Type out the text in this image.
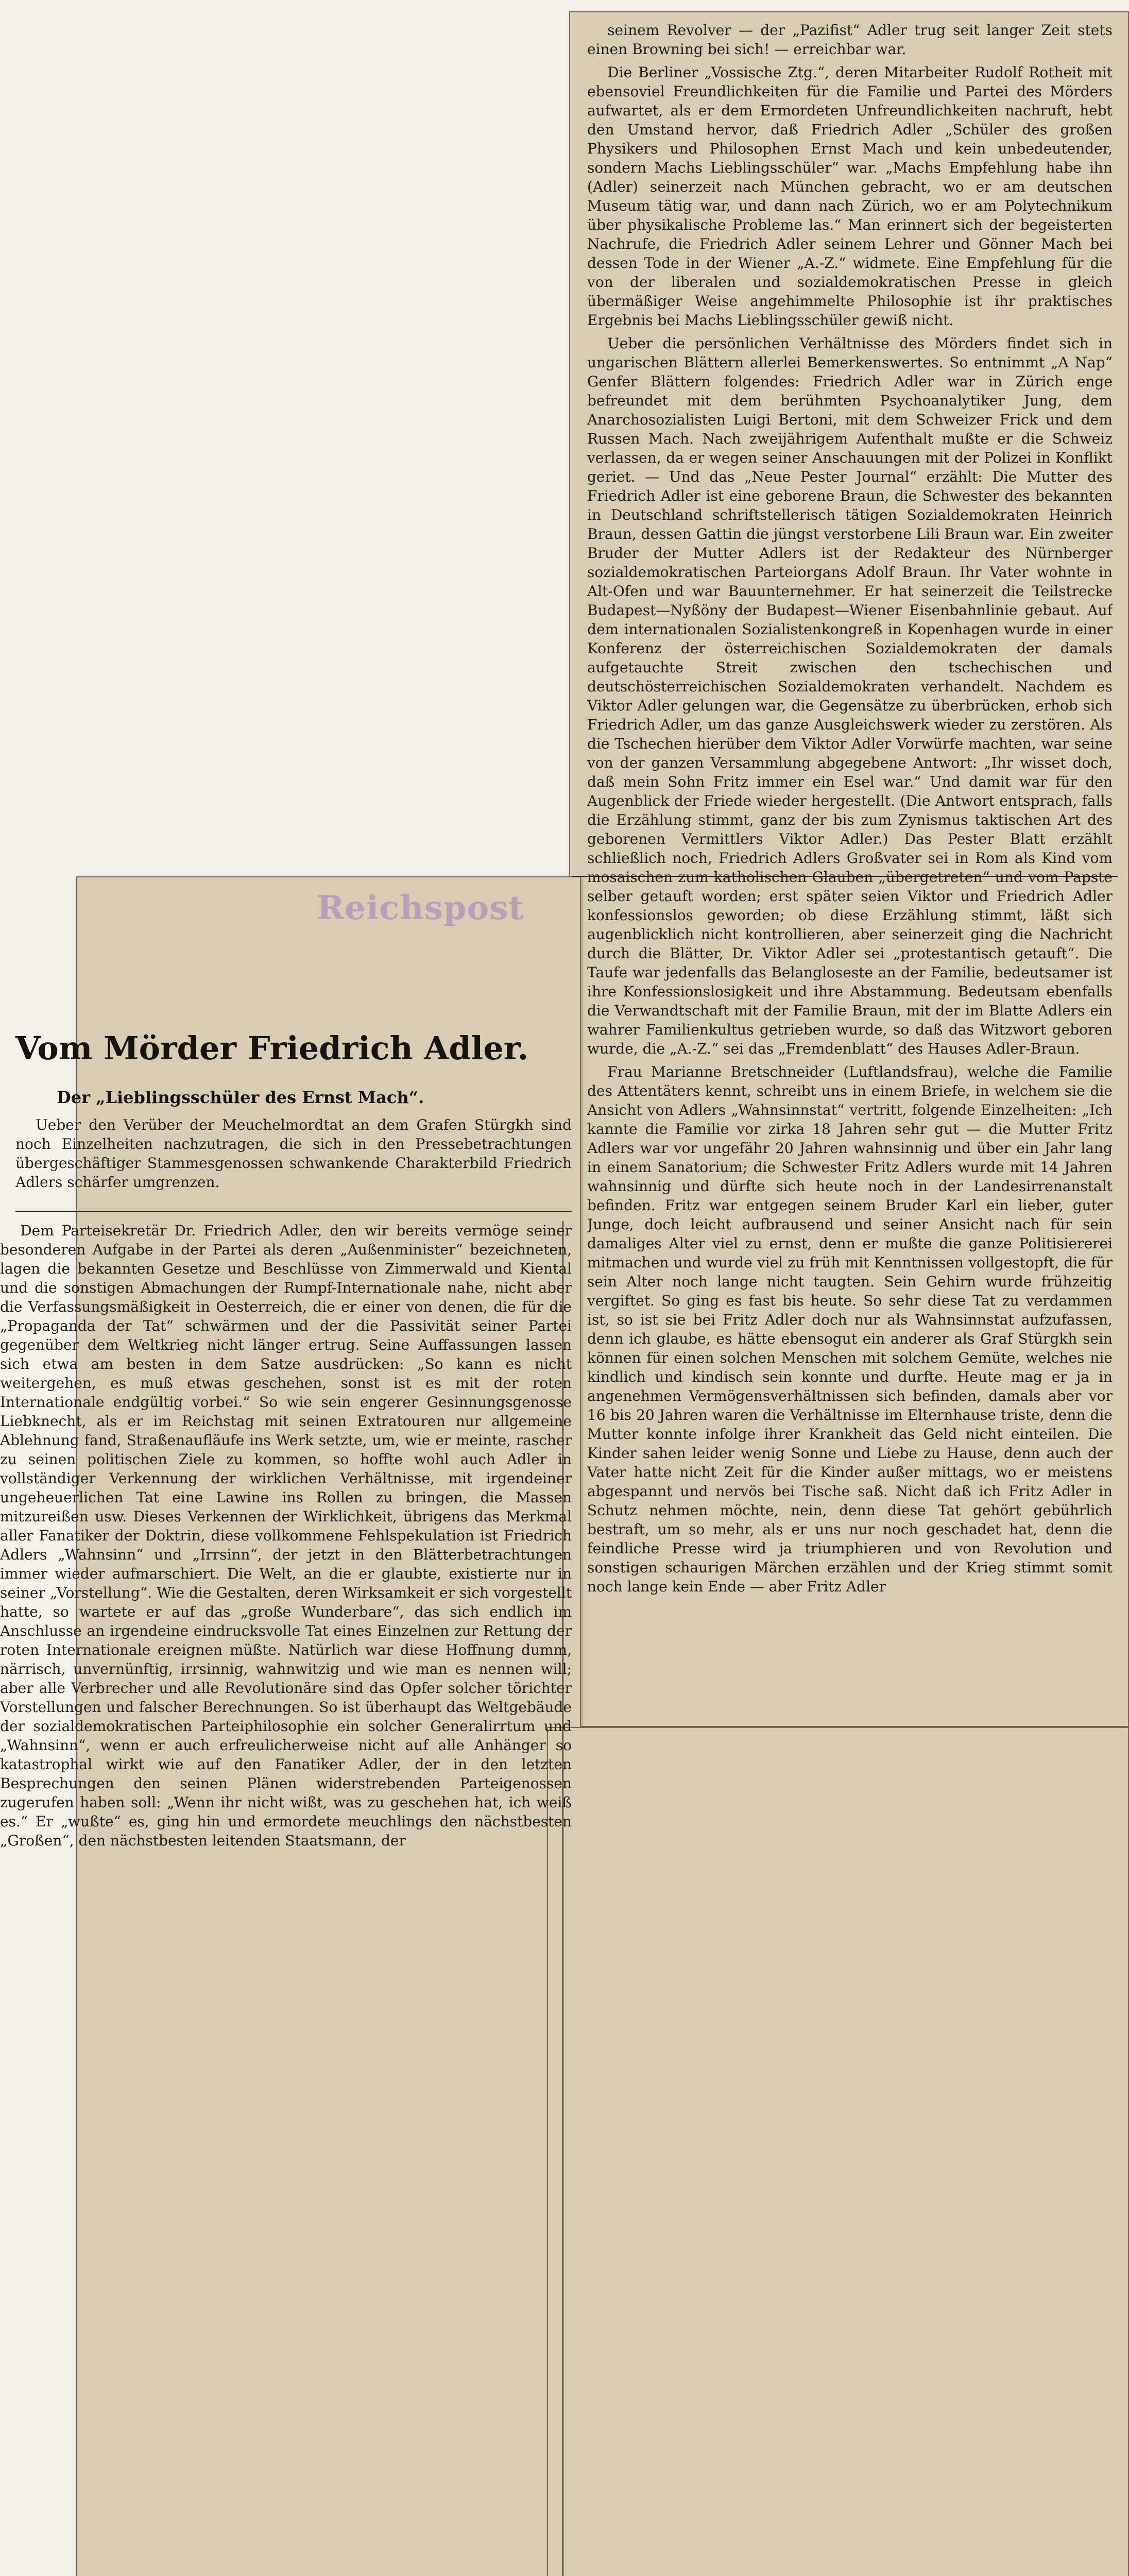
seinem Revolver — der „Pazifist“ Adler trug seit langer Zeit stets einen Browning bei sich! — erreichbar war.

Die Berliner „Vossische Ztg.“, deren Mitarbeiter Rudolf Rotheit mit ebensoviel Freundlichkeiten für die Familie und Partei des Mörders aufwartet, als er dem Ermordeten Unfreundlichkeiten nachruft, hebt den Umstand hervor, daß Friedrich Adler „Schüler des großen Physikers und Philosophen Ernst Mach und kein unbedeutender, sondern Machs Lieblingsschüler“ war. „Machs Empfehlung habe ihn (Adler) seinerzeit nach München gebracht, wo er am deutschen Museum tätig war, und dann nach Zürich, wo er am Polytechnikum über physikalische Probleme las.“ Man erinnert sich der begeisterten Nachrufe, die Friedrich Adler seinem Lehrer und Gönner Mach bei dessen Tode in der Wiener „A.-Z.“ widmete. Eine Empfehlung für die von der liberalen und sozialdemokratischen Presse in gleich übermäßiger Weise angehimmelte Philosophie ist ihr praktisches Ergebnis bei Machs Lieblingsschüler gewiß nicht.

Ueber die persönlichen Verhältnisse des Mörders findet sich in ungarischen Blättern allerlei Bemerkenswertes. So entnimmt „A Nap“ Genfer Blättern folgendes: Friedrich Adler war in Zürich enge befreundet mit dem berühmten Psychoanalytiker Jung, dem Anarchosozialisten Luigi Bertoni, mit dem Schweizer Frick und dem Russen Mach. Nach zweijährigem Aufenthalt mußte er die Schweiz verlassen, da er wegen seiner Anschauungen mit der Polizei in Konflikt geriet. — Und das „Neue Pester Journal“ erzählt: Die Mutter des Friedrich Adler ist eine geborene Braun, die Schwester des bekannten in Deutschland schriftstellerisch tätigen Sozialdemokraten Heinrich Braun, dessen Gattin die jüngst verstorbene Lili Braun war. Ein zweiter Bruder der Mutter Adlers ist der Redakteur des Nürnberger sozialdemokratischen Parteiorgans Adolf Braun. Ihr Vater wohnte in Alt-Ofen und war Bauunternehmer. Er hat seinerzeit die Teilstrecke Budapest—Nyßöny der Budapest—Wiener Eisenbahnlinie gebaut. Auf dem internationalen Sozialistenkongreß in Kopenhagen wurde in einer Konferenz der österreichischen Sozialdemokraten der damals aufgetauchte Streit zwischen den tschechischen und deutschösterreichischen Sozialdemokraten verhandelt. Nachdem es Viktor Adler gelungen war, die Gegensätze zu überbrücken, erhob sich Friedrich Adler, um das ganze Ausgleichswerk wieder zu zerstören. Als die Tschechen hierüber dem Viktor Adler Vorwürfe machten, war seine von der ganzen Versammlung abgegebene Antwort: „Ihr wisset doch, daß mein Sohn Fritz immer ein Esel war.“ Und damit war für den Augenblick der Friede wieder hergestellt. (Die Antwort entsprach, falls die Erzählung stimmt, ganz der bis zum Zynismus taktischen Art des geborenen Vermittlers Viktor Adler.) Das Pester Blatt erzählt schließlich noch, Friedrich Adlers Großvater sei in Rom als Kind vom mosaischen zum katholischen Glauben „übergetreten“ und vom Papste selber getauft worden; erst später seien Viktor und Friedrich Adler konfessionslos geworden; ob diese Erzählung stimmt, läßt sich augenblicklich nicht kontrollieren, aber seinerzeit ging die Nachricht durch die Blätter, Dr. Viktor Adler sei „protestantisch getauft“. Die Taufe war jedenfalls das Belangloseste an der Familie, bedeutsamer ist ihre Konfessionslosigkeit und ihre Abstammung. Bedeutsam ebenfalls die Verwandtschaft mit der Familie Braun, mit der im Blatte Adlers ein wahrer Familienkultus getrieben wurde, so daß das Witzwort geboren wurde, die „A.-Z.“ sei das „Fremdenblatt“ des Hauses Adler-Braun.

Frau Marianne Bretschneider (Luftlandsfrau), welche die Familie des Attentäters kennt, schreibt uns in einem Briefe, in welchem sie die Ansicht von Adlers „Wahnsinnstat“ vertritt, folgende Einzelheiten: „Ich kannte die Familie vor zirka 18 Jahren sehr gut — die Mutter Fritz Adlers war vor ungefähr 20 Jahren wahnsinnig und über ein Jahr lang in einem Sanatorium; die Schwester Fritz Adlers wurde mit 14 Jahren wahnsinnig und dürfte sich heute noch in der Landesirrenanstalt befinden. Fritz war entgegen seinem Bruder Karl ein lieber, guter Junge, doch leicht aufbrausend und seiner Ansicht nach für sein damaliges Alter viel zu ernst, denn er mußte die ganze Politisiererei mitmachen und wurde viel zu früh mit Kenntnissen vollgestopft, die für sein Alter noch lange nicht taugten. Sein Gehirn wurde frühzeitig vergiftet. So ging es fast bis heute. So sehr diese Tat zu verdammen ist, so ist sie bei Fritz Adler doch nur als Wahnsinnstat aufzufassen, denn ich glaube, es hätte ebensogut ein anderer als Graf Stürgkh sein können für einen solchen Menschen mit solchem Gemüte, welches nie kindlich und kindisch sein konnte und durfte. Heute mag er ja in angenehmen Vermögensverhältnissen sich befinden, damals aber vor 16 bis 20 Jahren waren die Verhältnisse im Elternhause triste, denn die Mutter konnte infolge ihrer Krankheit das Geld nicht einteilen. Die Kinder sahen leider wenig Sonne und Liebe zu Hause, denn auch der Vater hatte nicht Zeit für die Kinder außer mittags, wo er meistens abgespannt und nervös bei Tische saß. Nicht daß ich Fritz Adler in Schutz nehmen möchte, nein, denn diese Tat gehört gebührlich bestraft, um so mehr, als er uns nur noch geschadet hat, denn die feindliche Presse wird ja triumphieren und von Revolution und sonstigen schaurigen Märchen erzählen und der Krieg stimmt somit noch lange kein Ende — aber Fritz Adler

Reichspost
Vom Mörder Friedrich Adler.
Der „Lieblingsschüler des Ernst Mach“.
Ueber den Verüber der Meuchelmordtat an dem Grafen Stürgkh sind noch Einzelheiten nachzutragen, die sich in den Pressebetrachtungen übergeschäftiger Stammesgenossen schwankende Charakterbild Friedrich Adlers schärfer umgrenzen.

Dem Parteisekretär Dr. Friedrich Adler, den wir bereits vermöge seiner besonderen Aufgabe in der Partei als deren „Außenminister“ bezeichneten, lagen die bekannten Gesetze und Beschlüsse von Zimmerwald und Kiental und die sonstigen Abmachungen der Rumpf-Internationale nahe, nicht aber die Verfassungsmäßigkeit in Oesterreich, die er einer von denen, die für die „Propaganda der Tat“ schwärmen und der die Passivität seiner Partei gegenüber dem Weltkrieg nicht länger ertrug. Seine Auffassungen lassen sich etwa am besten in dem Satze ausdrücken: „So kann es nicht weitergehen, es muß etwas geschehen, sonst ist es mit der roten Internationale endgültig vorbei.“ So wie sein engerer Gesinnungsgenosse Liebknecht, als er im Reichstag mit seinen Extratouren nur allgemeine Ablehnung fand, Straßenaufläufe ins Werk setzte, um, wie er meinte, rascher zu seinen politischen Ziele zu kommen, so hoffte wohl auch Adler in vollständiger Verkennung der wirklichen Verhältnisse, mit irgendeiner ungeheuerlichen Tat eine Lawine ins Rollen zu bringen, die Massen mitzureißen usw. Dieses Verkennen der Wirklichkeit, übrigens das Merkmal aller Fanatiker der Doktrin, diese vollkommene Fehlspekulation ist Friedrich Adlers „Wahnsinn“ und „Irrsinn“, der jetzt in den Blätterbetrachtungen immer wieder aufmarschiert. Die Welt, an die er glaubte, existierte nur in seiner „Vorstellung“. Wie die Gestalten, deren Wirksamkeit er sich vorgestellt hatte, so wartete er auf das „große Wunderbare“, das sich endlich im Anschlusse an irgendeine eindrucksvolle Tat eines Einzelnen zur Rettung der roten Internationale ereignen müßte. Natürlich war diese Hoffnung dumm, närrisch, unvernünftig, irrsinnig, wahnwitzig und wie man es nennen will; aber alle Verbrecher und alle Revolutionäre sind das Opfer solcher törichter Vorstellungen und falscher Berechnungen. So ist überhaupt das Weltgebäude der sozialdemokratischen Parteiphilosophie ein solcher Generalirrtum und „Wahnsinn“, wenn er auch erfreulicherweise nicht auf alle Anhänger so katastrophal wirkt wie auf den Fanatiker Adler, der in den letzten Besprechungen den seinen Plänen widerstrebenden Parteigenossen zugerufen haben soll: „Wenn ihr nicht wißt, was zu geschehen hat, ich weiß es.“ Er „wußte“ es, ging hin und ermordete meuchlings den nächstbesten „Großen“, den nächstbesten leitenden Staatsmann, der
